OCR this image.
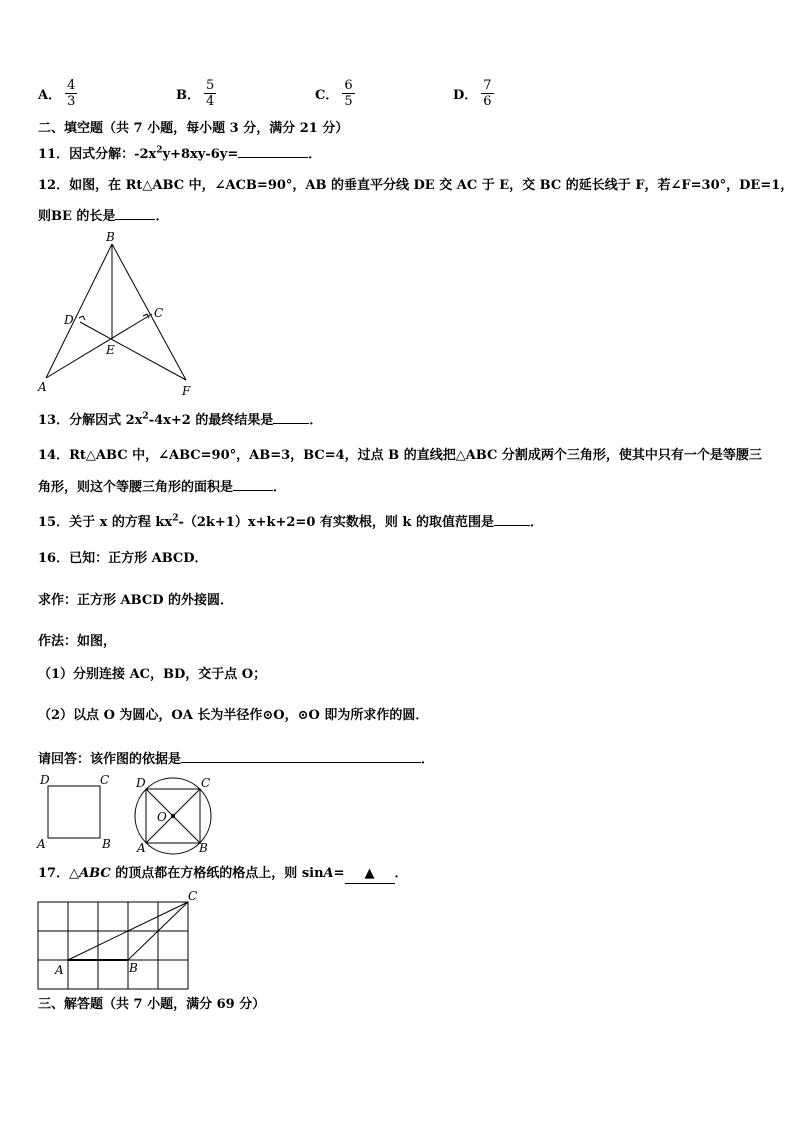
A． $\frac{4}{3}$	B． $\frac{5}{4}$	C． $\frac{6}{5}$	D． $\frac{7}{6}$
二、填空题（共 7 小题，每小题 3 分，满分 21 分）
11．因式分解：$-2x^2y+8xy-6y=$	．
12．如图，在 Rt△ABC 中，∠ACB=90°，AB 的垂直平分线 DE 交 AC 于 E，交 BC 的延长线于 F，若∠F=30°，DE=1，
则BE 的长是	．
B
D	C
E
A	F
13．分解因式 $2x^2-4x+2$ 的最终结果是	．
14．Rt△ABC 中，∠ABC=90°，AB=3，BC=4，过点 B 的直线把△ABC 分割成两个三角形，使其中只有一个是等腰三
角形，则这个等腰三角形的面积是	．
15．关于 x 的方程 $kx^2-(2k+1)x+k+2=0$ 有实数根，则 k 的取值范围是	．
16．已知：正方形 ABCD．
求作：正方形 ABCD 的外接圆．
作法：如图，
（1）分别连接 AC，BD，交于点 O；
（2）以点 O 为圆心，OA 长为半径作⊙O，⊙O 即为所求作的圆．
请回答：该作图的依据是	．
D	C
A	B
D	C
O
A	B
17．△ABC 的顶点都在方格纸的格点上，则 sinA= ▲ ．
C
A	B
三、解答题（共 7 小题，满分 69 分）
